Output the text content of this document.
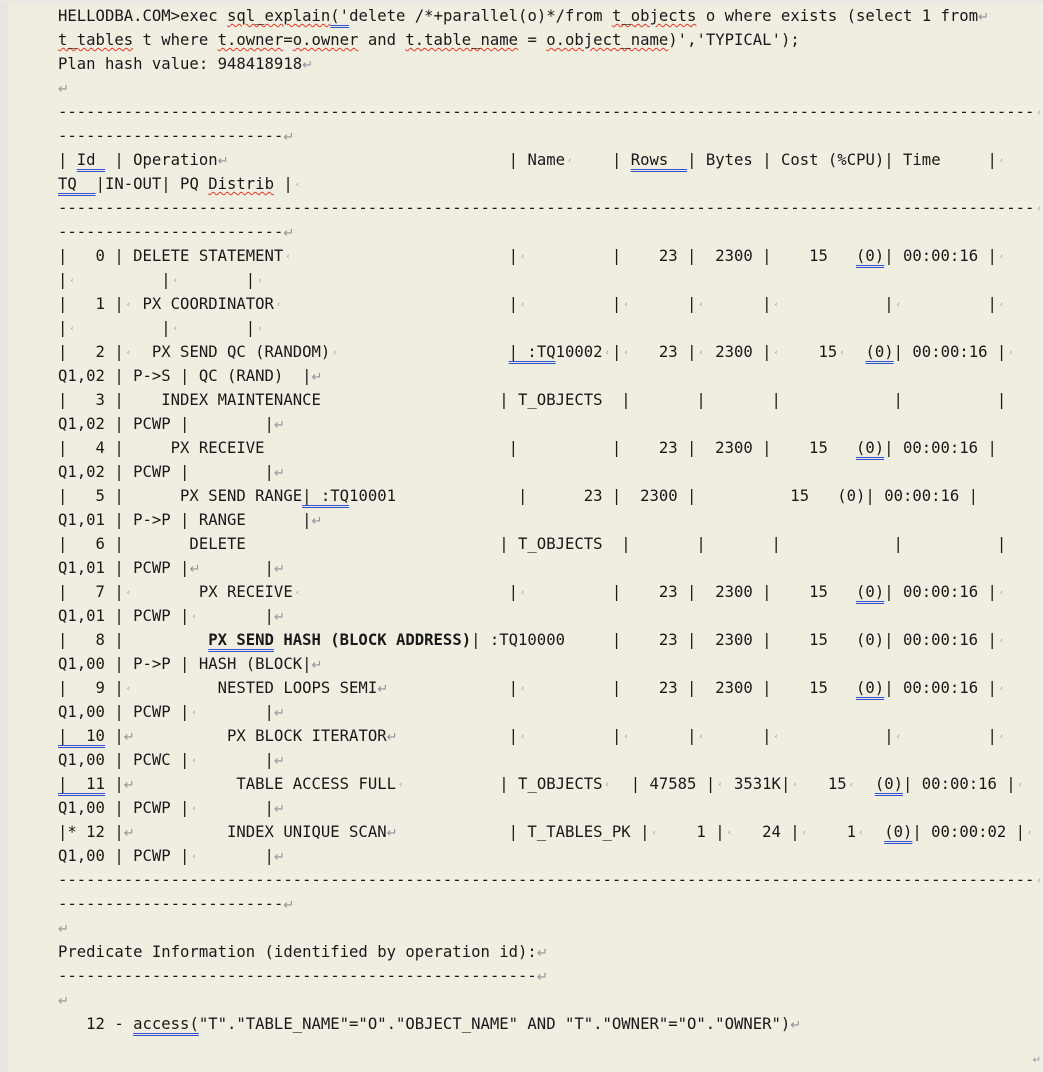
HELLODBA.COM>exec sql_explain('delete /*+parallel(o)*/from t_objects o where exists (select 1 from↵
t_tables t where t.owner=o.owner and t.table_name = o.object_name)','TYPICAL');
Plan hash value: 948418918↵
↵
-------------------------------------------------------------------------------------------------------- ‹
------------------------↵
| Id  | Operation↵                              | Name ‹    | Rows  | Bytes | Cost (%CPU)| Time     | ‹
TQ  |IN-OUT| PQ Distrib | ‹
-------------------------------------------------------------------------------------------------------- ‹
------------------------↵
|   0 | DELETE STATEMENT ‹                       | ‹         |    23 |  2300 |    15   (0)| 00:00:16 | ‹
| ‹         | ‹       | ‹
|   1 | ‹ PX COORDINATOR ‹                        | ‹         | ‹      | ‹      | ‹           | ‹         | ‹
| ‹         | ‹       | ‹
|   2 | ‹  PX SEND QC (RANDOM) ‹	| :TQ10002 ‹ | ‹   23 | ‹ 2300 | ‹    15 ‹ (0)| 00:00:16 | ‹
Q1,02 | P->S | QC (RAND)  |↵
|   3 |    INDEX MAINTENANCE                   | T_OBJECTS  |       |       |            |          |
Q1,02 | PCWP |        |↵
|   4 |     PX RECEIVE                          |          |    23 |  2300 |    15   (0)| 00:00:16 |
Q1,02 | PCWP |        |↵
|   5 |      PX SEND RANGE| :TQ10001             |      23 |  2300 |          15   (0)| 00:00:16 |
Q1,01 | P->P | RANGE      |↵
|   6 |       DELETE                           | T_OBJECTS  |       |       |            |          |
Q1,01 | PCWP |↵       |↵
|   7 | ‹       PX RECEIVE ‹                      | ‹         |    23 |  2300 |    15   (0)| 00:00:16 | ‹
Q1,01 | PCWP | ‹       |↵
|   8 |         PX SEND HASH (BLOCK ADDRESS)| :TQ10000     |    23 |  2300 |    15   (0)| 00:00:16 | ‹
Q1,00 | P->P | HASH (BLOCK|↵
|   9 | ‹         NESTED LOOPS SEMI↵             | ‹         |    23 |  2300 |    15   (0)| 00:00:16 | ‹
Q1,00 | PCWP | ‹       |↵
|  10 |↵          PX BLOCK ITERATOR↵            | ‹         | ‹      | ‹      | ‹           | ‹         | ‹
Q1,00 | PCWC | ‹       |↵
|  11 |↵           TABLE ACCESS FULL ‹          | T_OBJECTS ‹  | 47585 | ‹ 3531K| ‹   15 ‹ (0)| 00:00:16 | ‹
Q1,00 | PCWP | ‹       |↵
|* 12 |↵          INDEX UNIQUE SCAN↵            | T_TABLES_PK | ‹    1 | ‹   24 | ‹    1 ‹ (0)| 00:00:02 | ‹
Q1,00 | PCWP | ‹       |↵
-------------------------------------------------------------------------------------------------------- ‹
------------------------↵
↵
Predicate Information (identified by operation id):↵
---------------------------------------------------↵
↵
12 - access("T"."TABLE_NAME"="O"."OBJECT_NAME" AND "T"."OWNER"="O"."OWNER")↵
↵
